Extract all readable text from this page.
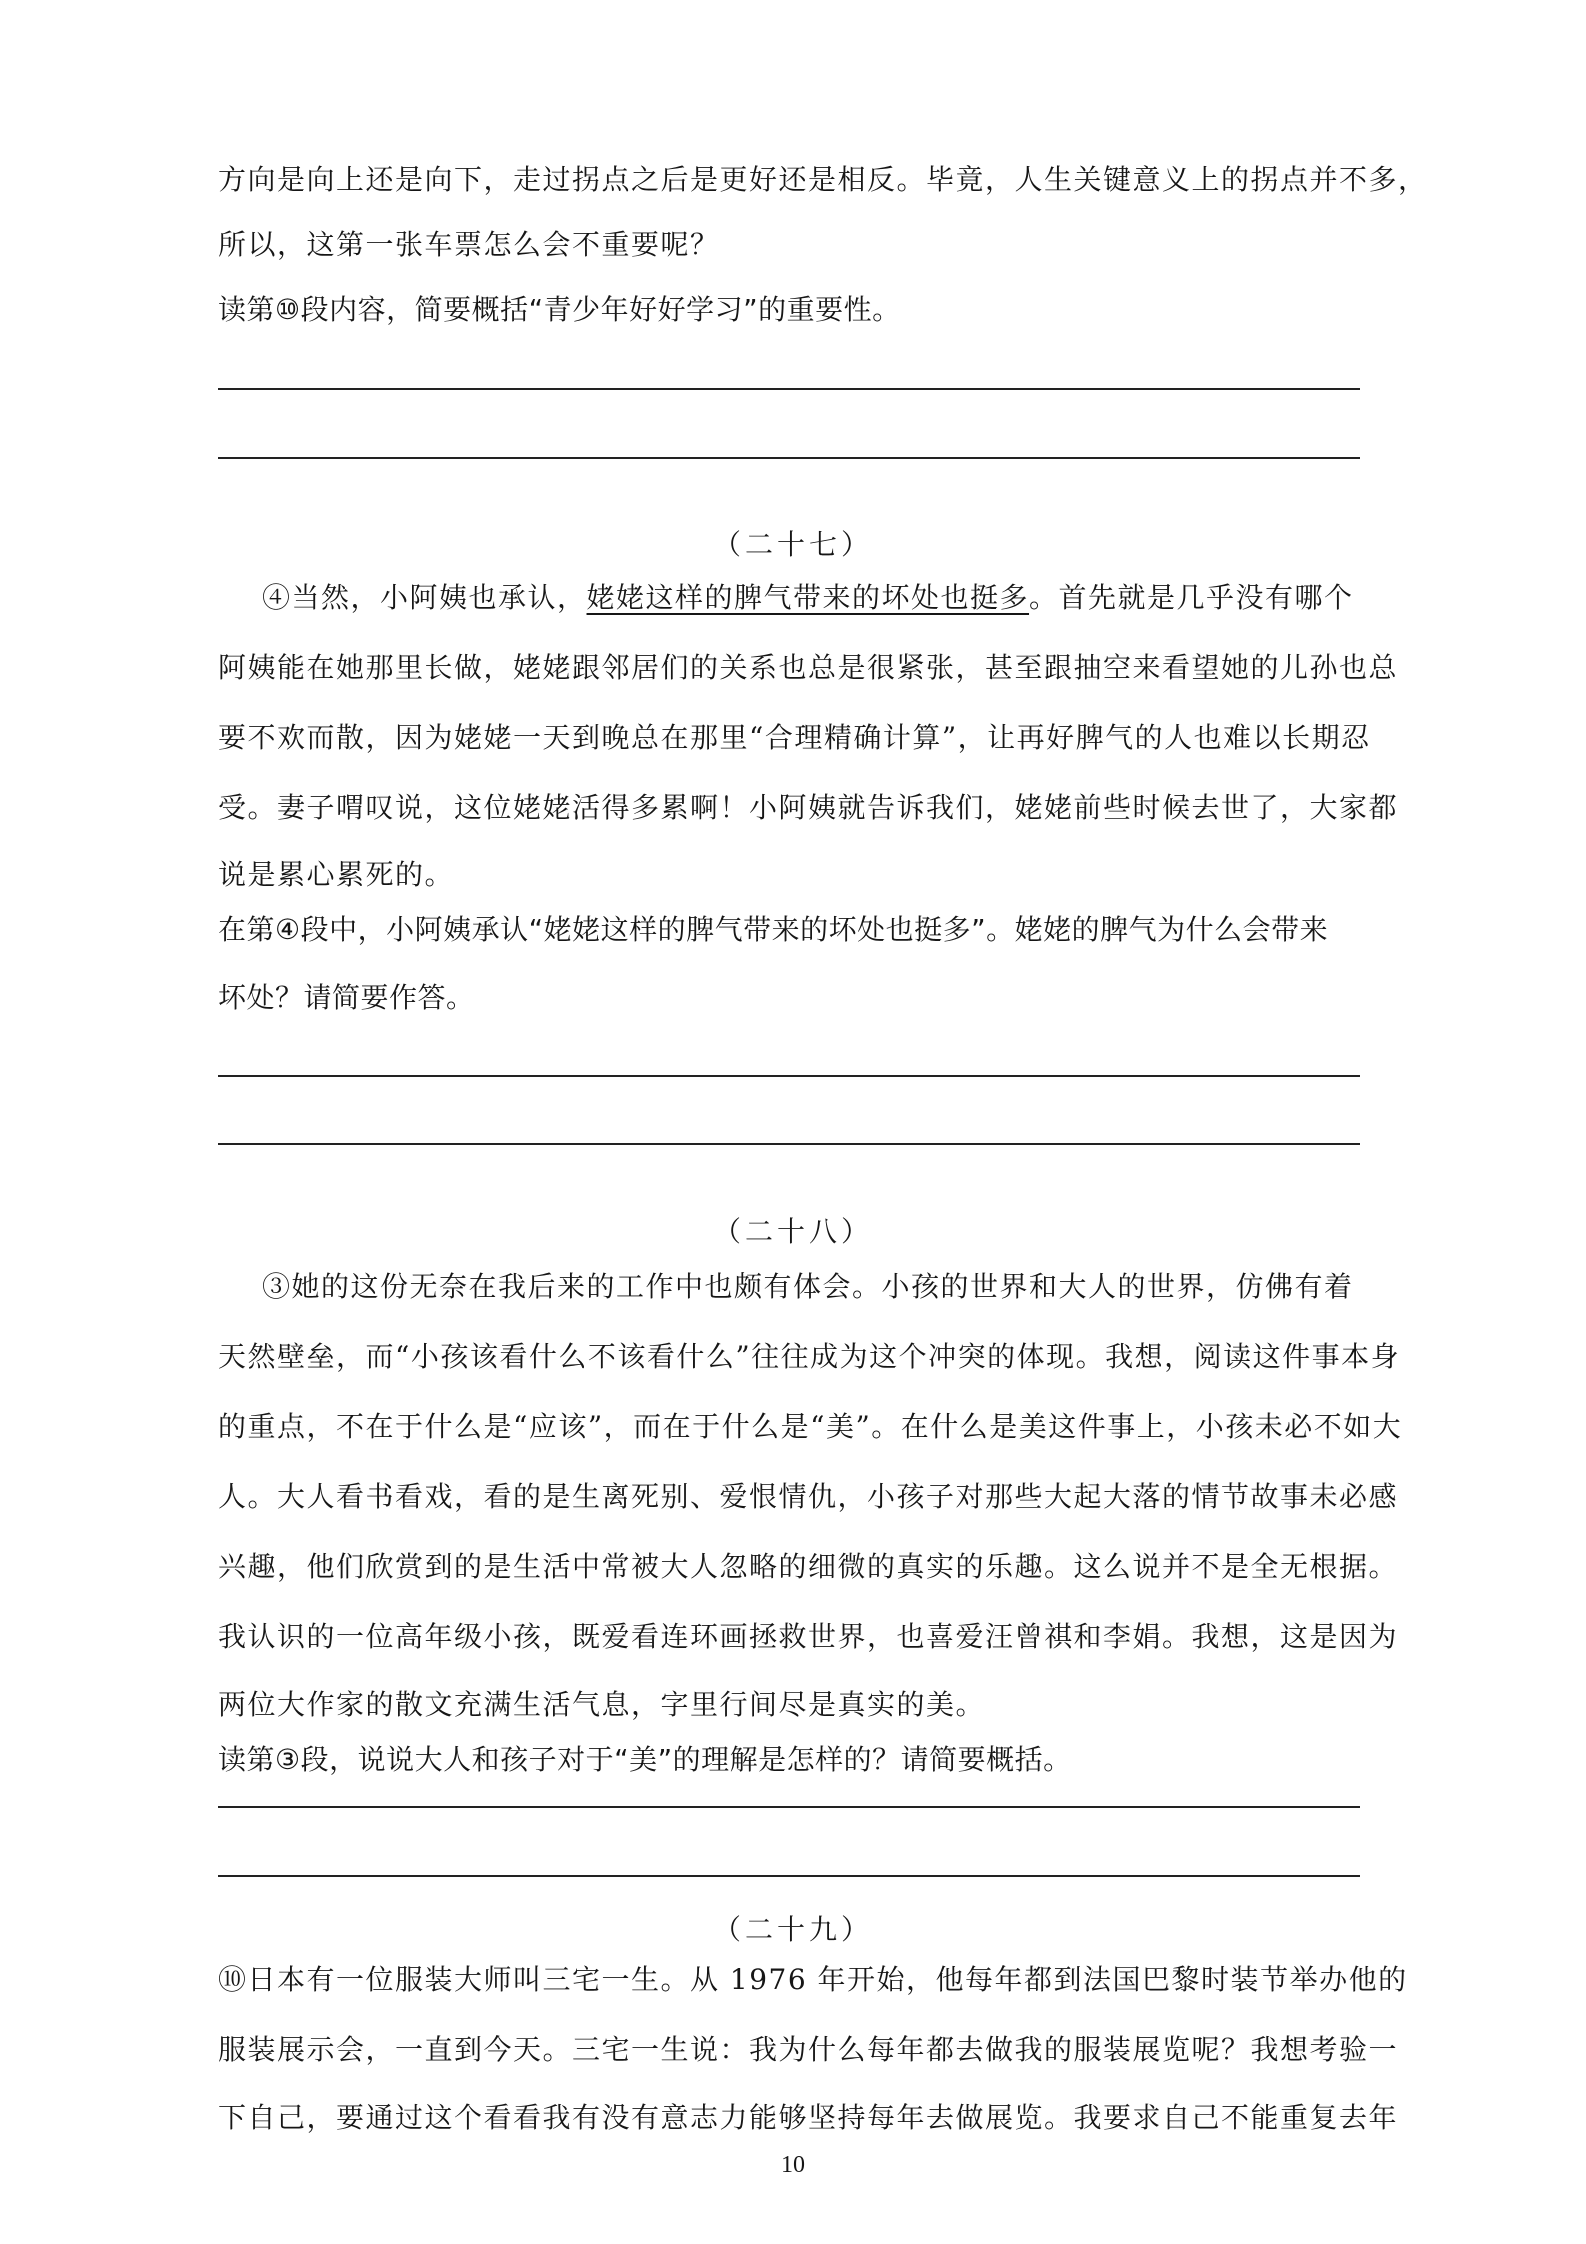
方向是向上还是向下，走过拐点之后是更好还是相反。毕竟，人生关键意义上的拐点并不多，
所以，这第一张车票怎么会不重要呢？
读第⑩段内容，简要概括“青少年好好学习”的重要性。
（二十七）
④当然，小阿姨也承认，姥姥这样的脾气带来的坏处也挺多。首先就是几乎没有哪个
阿姨能在她那里长做，姥姥跟邻居们的关系也总是很紧张，甚至跟抽空来看望她的儿孙也总
要不欢而散，因为姥姥一天到晚总在那里“合理精确计算”，让再好脾气的人也难以长期忍
受。妻子喟叹说，这位姥姥活得多累啊！小阿姨就告诉我们，姥姥前些时候去世了，大家都
说是累心累死的。
在第④段中，小阿姨承认“姥姥这样的脾气带来的坏处也挺多”。姥姥的脾气为什么会带来
坏处？请简要作答。
（二十八）
③她的这份无奈在我后来的工作中也颇有体会。小孩的世界和大人的世界，仿佛有着
天然壁垒，而“小孩该看什么不该看什么”往往成为这个冲突的体现。我想，阅读这件事本身
的重点，不在于什么是“应该”，而在于什么是“美”。在什么是美这件事上，小孩未必不如大
人。大人看书看戏，看的是生离死别、爱恨情仇，小孩子对那些大起大落的情节故事未必感
兴趣，他们欣赏到的是生活中常被大人忽略的细微的真实的乐趣。这么说并不是全无根据。
我认识的一位高年级小孩，既爱看连环画拯救世界，也喜爱汪曾祺和李娟。我想，这是因为
两位大作家的散文充满生活气息，字里行间尽是真实的美。
读第③段，说说大人和孩子对于“美”的理解是怎样的？请简要概括。
（二十九）
⑩日本有一位服装大师叫三宅一生。从 1976 年开始，他每年都到法国巴黎时装节举办他的
服装展示会，一直到今天。三宅一生说：我为什么每年都去做我的服装展览呢？我想考验一
下自己，要通过这个看看我有没有意志力能够坚持每年去做展览。我要求自己不能重复去年
10
